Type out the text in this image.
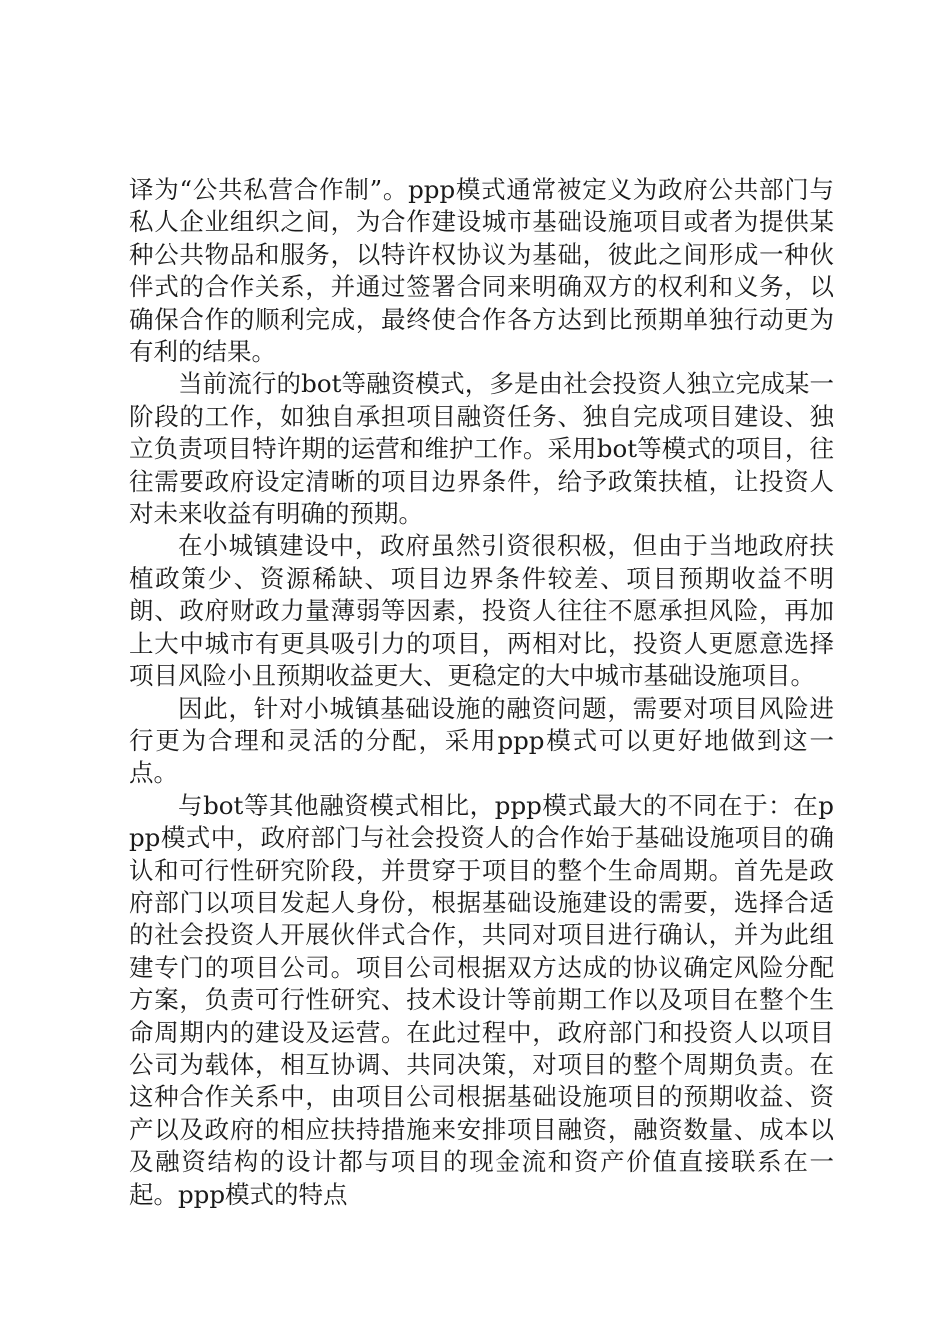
译为“公共私营合作制”。ppp模式通常被定义为政府公共部门与私人企业组织之间，为合作建设城市基础设施项目或者为提供某种公共物品和服务，以特许权协议为基础，彼此之间形成一种伙伴式的合作关系，并通过签署合同来明确双方的权利和义务，以确保合作的顺利完成，最终使合作各方达到比预期单独行动更为有利的结果。

当前流行的bot等融资模式，多是由社会投资人独立完成某一阶段的工作，如独自承担项目融资任务、独自完成项目建设、独立负责项目特许期的运营和维护工作。采用bot等模式的项目，往往需要政府设定清晰的项目边界条件，给予政策扶植，让投资人对未来收益有明确的预期。

在小城镇建设中，政府虽然引资很积极，但由于当地政府扶植政策少、资源稀缺、项目边界条件较差、项目预期收益不明朗、政府财政力量薄弱等因素，投资人往往不愿承担风险，再加上大中城市有更具吸引力的项目，两相对比，投资人更愿意选择项目风险小且预期收益更大、更稳定的大中城市基础设施项目。

因此，针对小城镇基础设施的融资问题，需要对项目风险进行更为合理和灵活的分配，采用ppp模式可以更好地做到这一点。

与bot等其他融资模式相比，ppp模式最大的不同在于：在ppp模式中，政府部门与社会投资人的合作始于基础设施项目的确认和可行性研究阶段，并贯穿于项目的整个生命周期。首先是政府部门以项目发起人身份，根据基础设施建设的需要，选择合适的社会投资人开展伙伴式合作，共同对项目进行确认，并为此组建专门的项目公司。项目公司根据双方达成的协议确定风险分配方案，负责可行性研究、技术设计等前期工作以及项目在整个生命周期内的建设及运营。在此过程中，政府部门和投资人以项目公司为载体，相互协调、共同决策，对项目的整个周期负责。在这种合作关系中，由项目公司根据基础设施项目的预期收益、资产以及政府的相应扶持措施来安排项目融资，融资数量、成本以及融资结构的设计都与项目的现金流和资产价值直接联系在一起。ppp模式的特点
